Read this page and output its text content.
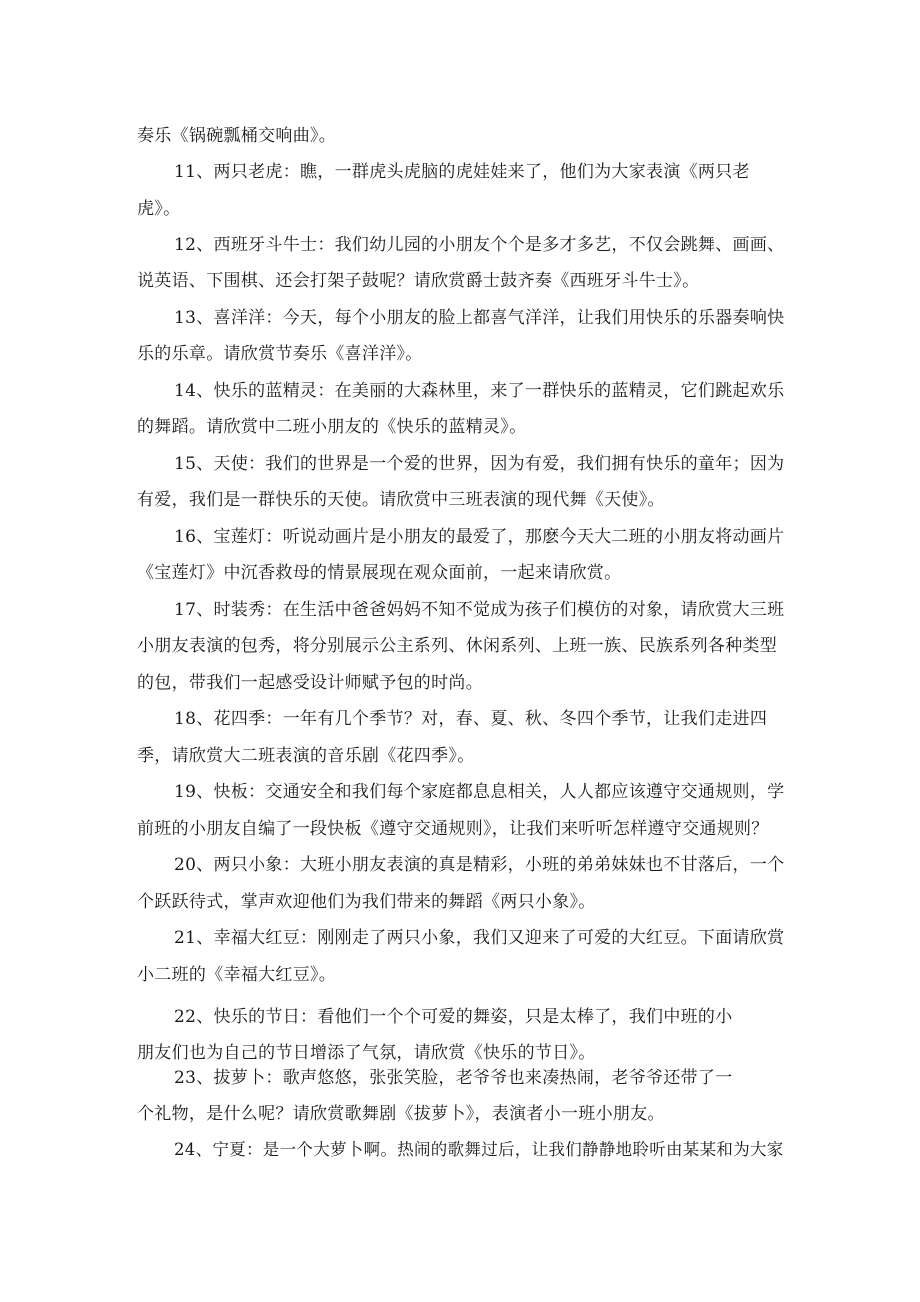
奏乐《锅碗瓢桶交响曲》。
11、两只老虎：瞧，一群虎头虎脑的虎娃娃来了，他们为大家表演《两只老
虎》。
12、西班牙斗牛士：我们幼儿园的小朋友个个是多才多艺，不仅会跳舞、画画、
说英语、下围棋、还会打架子鼓呢？请欣赏爵士鼓齐奏《西班牙斗牛士》。
13、喜洋洋：今天，每个小朋友的脸上都喜气洋洋，让我们用快乐的乐器奏响快
乐的乐章。请欣赏节奏乐《喜洋洋》。
14、快乐的蓝精灵：在美丽的大森林里，来了一群快乐的蓝精灵，它们跳起欢乐
的舞蹈。请欣赏中二班小朋友的《快乐的蓝精灵》。
15、天使：我们的世界是一个爱的世界，因为有爱，我们拥有快乐的童年；因为
有爱，我们是一群快乐的天使。请欣赏中三班表演的现代舞《天使》。
16、宝莲灯：听说动画片是小朋友的最爱了，那麽今天大二班的小朋友将动画片
《宝莲灯》中沉香救母的情景展现在观众面前，一起来请欣赏。
17、时装秀：在生活中爸爸妈妈不知不觉成为孩子们模仿的对象，请欣赏大三班
小朋友表演的包秀，将分别展示公主系列、休闲系列、上班一族、民族系列各种类型
的包，带我们一起感受设计师赋予包的时尚。
18、花四季：一年有几个季节？对，春、夏、秋、冬四个季节，让我们走进四
季，请欣赏大二班表演的音乐剧《花四季》。
19、快板：交通安全和我们每个家庭都息息相关，人人都应该遵守交通规则，学
前班的小朋友自编了一段快板《遵守交通规则》，让我们来听听怎样遵守交通规则？
20、两只小象：大班小朋友表演的真是精彩，小班的弟弟妹妹也不甘落后，一个
个跃跃待式，掌声欢迎他们为我们带来的舞蹈《两只小象》。
21、幸福大红豆：刚刚走了两只小象，我们又迎来了可爱的大红豆。下面请欣赏
小二班的《幸福大红豆》。
22、快乐的节日：看他们一个个可爱的舞姿，只是太棒了，我们中班的小
朋友们也为自己的节日增添了气氛，请欣赏《快乐的节日》。
23、拔萝卜：歌声悠悠，张张笑脸，老爷爷也来凑热闹，老爷爷还带了一
个礼物，是什么呢？请欣赏歌舞剧《拔萝卜》，表演者小一班小朋友。
24、宁夏：是一个大萝卜啊。热闹的歌舞过后，让我们静静地聆听由某某和为大家
